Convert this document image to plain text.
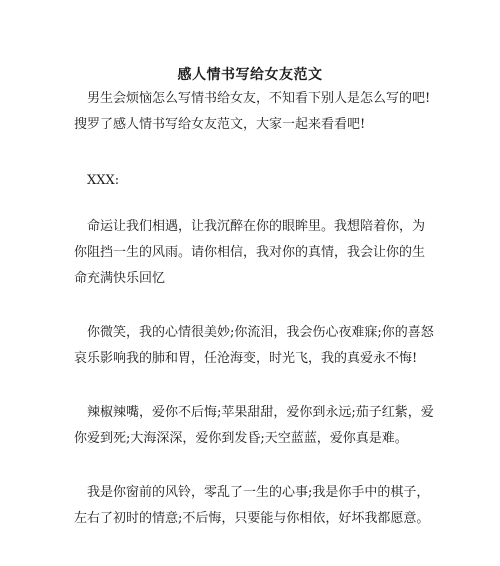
感人情书写给女友范文

　男生会烦恼怎么写情书给女友，不知看下别人是怎么写的吧!搜罗了感人情书写给女友范文，大家一起来看看吧!

　XXX:

　命运让我们相遇，让我沉醉在你的眼眸里。我想陪着你，为你阻挡一生的风雨。请你相信，我对你的真情，我会让你的生命充满快乐回忆

　你微笑，我的心情很美妙;你流泪，我会伤心夜难寐;你的喜怒哀乐影响我的肺和胃，任沧海变，时光飞，我的真爱永不悔!

　辣椒辣嘴，爱你不后悔;苹果甜甜，爱你到永远;茄子红紫，爱你爱到死;大海深深，爱你到发昏;天空蓝蓝，爱你真是难。

　我是你窗前的风铃，零乱了一生的心事;我是你手中的棋子，左右了初时的情意;不后悔，只要能与你相依，好坏我都愿意。
